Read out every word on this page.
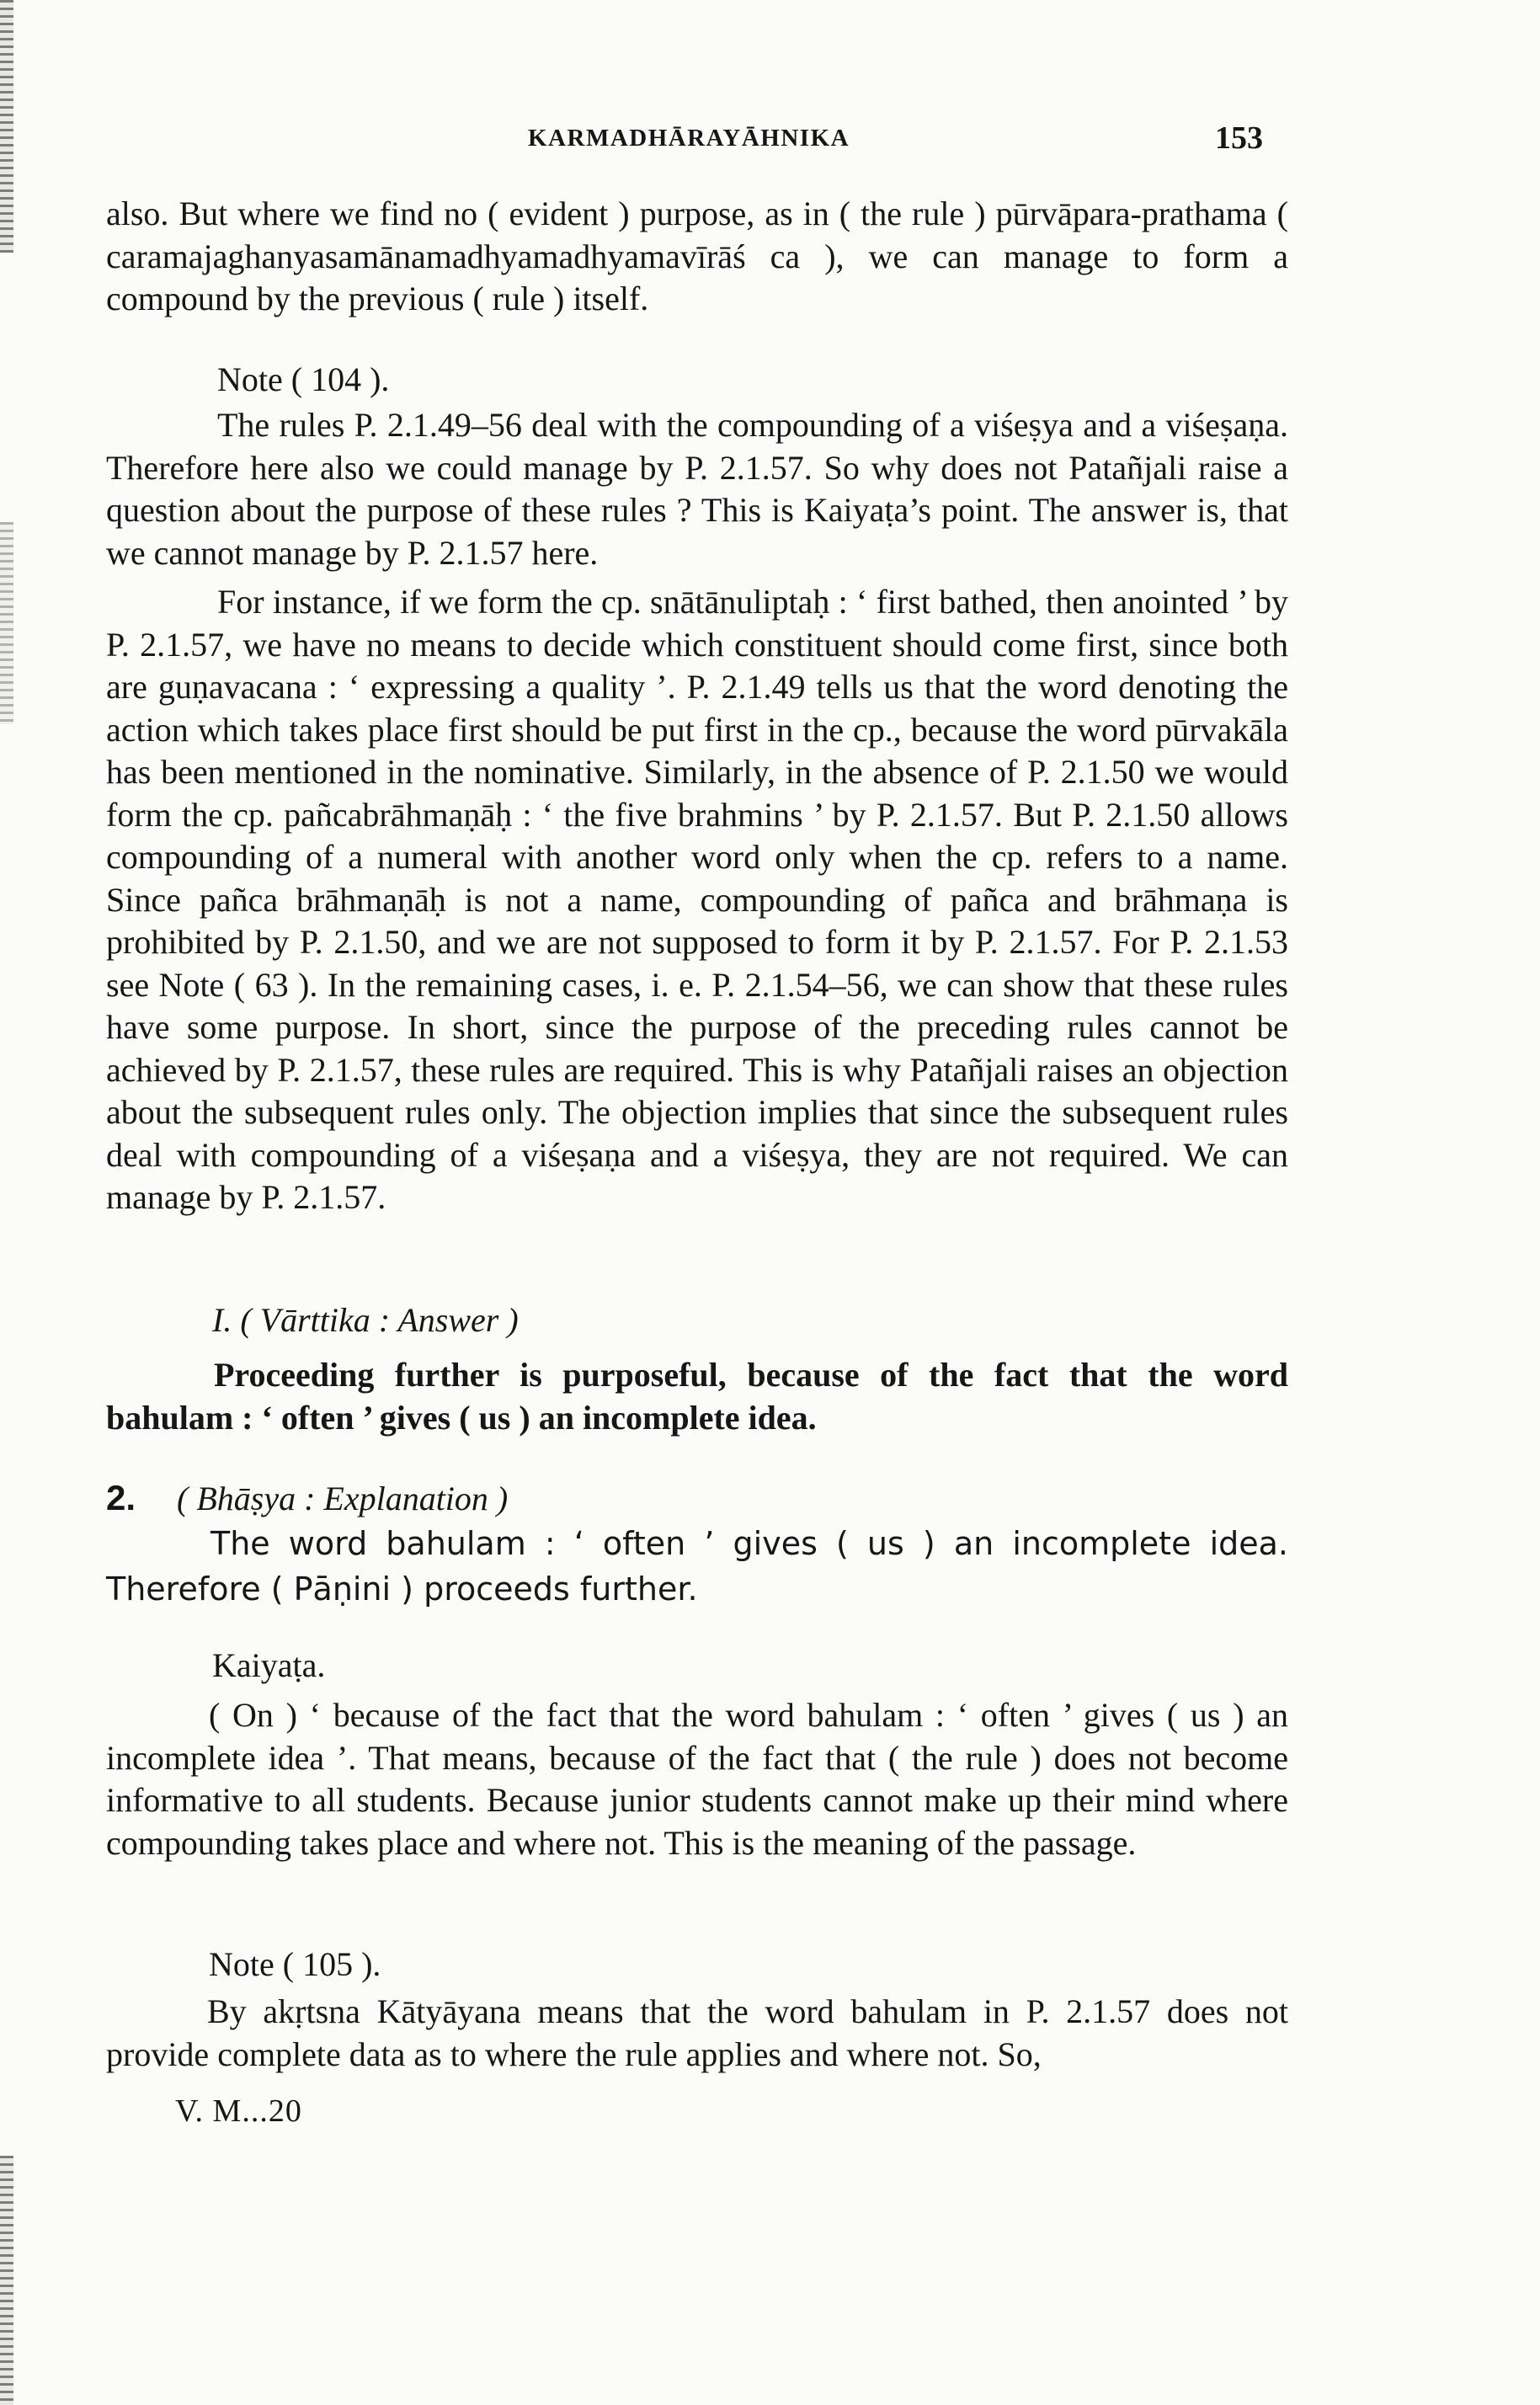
KARMADHĀRAYĀHNIKA	153

also. But where we find no ( evident ) purpose, as in ( the rule ) pūrvāpara-prathama ( caramajaghanyasamānamadhyamadhyamavīrāś ca ), we can manage to form a compound by the previous ( rule ) itself.

Note ( 104 ).

The rules P. 2.1.49–56 deal with the compounding of a viśeṣya and a viśeṣaṇa. Therefore here also we could manage by P. 2.1.57. So why does not Patañjali raise a question about the purpose of these rules ? This is Kaiyaṭa’s point. The answer is, that we cannot manage by P. 2.1.57 here.

For instance, if we form the cp. snātānuliptaḥ : ‘ first bathed, then anointed ’ by P. 2.1.57, we have no means to decide which constituent should come first, since both are guṇavacana : ‘ expressing a quality ’. P. 2.1.49 tells us that the word denoting the action which takes place first should be put first in the cp., because the word pūrvakāla has been mentioned in the nominative. Similarly, in the absence of P. 2.1.50 we would form the cp. pañcabrāhmaṇāḥ : ‘ the five brahmins ’ by P. 2.1.57. But P. 2.1.50 allows compounding of a numeral with another word only when the cp. refers to a name. Since pañca brāhmaṇāḥ is not a name, compounding of pañca and brāhmaṇa is prohibited by P. 2.1.50, and we are not supposed to form it by P. 2.1.57. For P. 2.1.53 see Note ( 63 ). In the remaining cases, i. e. P. 2.1.54–56, we can show that these rules have some purpose. In short, since the purpose of the preceding rules cannot be achieved by P. 2.1.57, these rules are required. This is why Patañjali raises an objection about the subsequent rules only. The objection implies that since the subsequent rules deal with compounding of a viśeṣaṇa and a viśeṣya, they are not required. We can manage by P. 2.1.57.

I. ( Vārttika : Answer )

Proceeding further is purposeful, because of the fact that the word bahulam : ‘ often ’ gives ( us ) an incomplete idea.

2. ( Bhāṣya : Explanation )

The word bahulam : ‘ often ’ gives ( us ) an incomplete idea. Therefore ( Pāṇini ) proceeds further.

Kaiyaṭa.

( On ) ‘ because of the fact that the word bahulam : ‘ often ’ gives ( us ) an incomplete idea ’. That means, because of the fact that ( the rule ) does not become informative to all students. Because junior students cannot make up their mind where compounding takes place and where not. This is the meaning of the passage.

Note ( 105 ).

By akṛtsna Kātyāyana means that the word bahulam in P. 2.1.57 does not provide complete data as to where the rule applies and where not. So,

V. M...20
